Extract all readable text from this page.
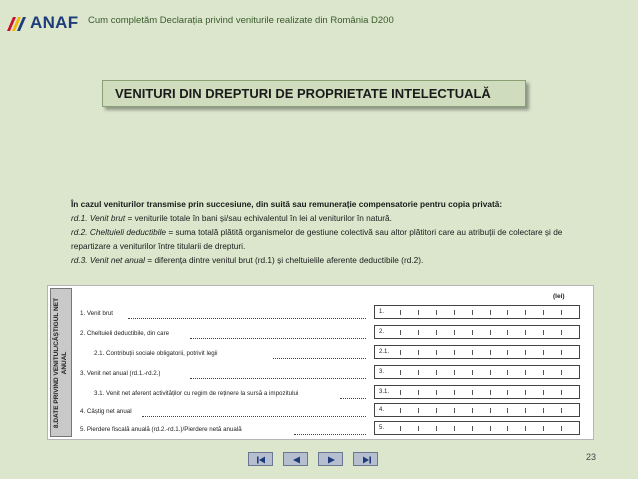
ANAF Cum completăm Declarația privind veniturile realizate din România D200
VENITURI DIN DREPTURI DE PROPRIETATE INTELECTUALĂ

În cazul veniturilor transmise prin succesiune, din suită sau remunerație compensatorie pentru copia privată:

rd.1. Venit brut = veniturile totale în bani și/sau echivalentul în lei al veniturilor în natură.

rd.2. Cheltuieli deductibile = suma totală plătită organismelor de gestiune colectivă sau altor plătitori care au atribuții de colectare și de repartizare a veniturilor între titularii de drepturi.

rd.3. Venit net anual = diferența dintre venitul brut (rd.1) și cheltuielile aferente deductibile (rd.2).

8.DATE PRIVIND VENITUL/CÂȘTIGUL NET ANUAL
(lei)
1. Venit brut	1.
2. Cheltuieli deductibile, din care	2.
2.1. Contribuții sociale obligatorii, potrivit legii	2.1.
3. Venit net anual (rd.1.-rd.2.)	3.
3.1. Venit net aferent activităților cu regim de reținere la sursă a impozitului	3.1.
4. Câștig net anual	4.
5. Pierdere fiscală anuală (rd.2.-rd.1.)/Pierdere netă anuală	5.
23
